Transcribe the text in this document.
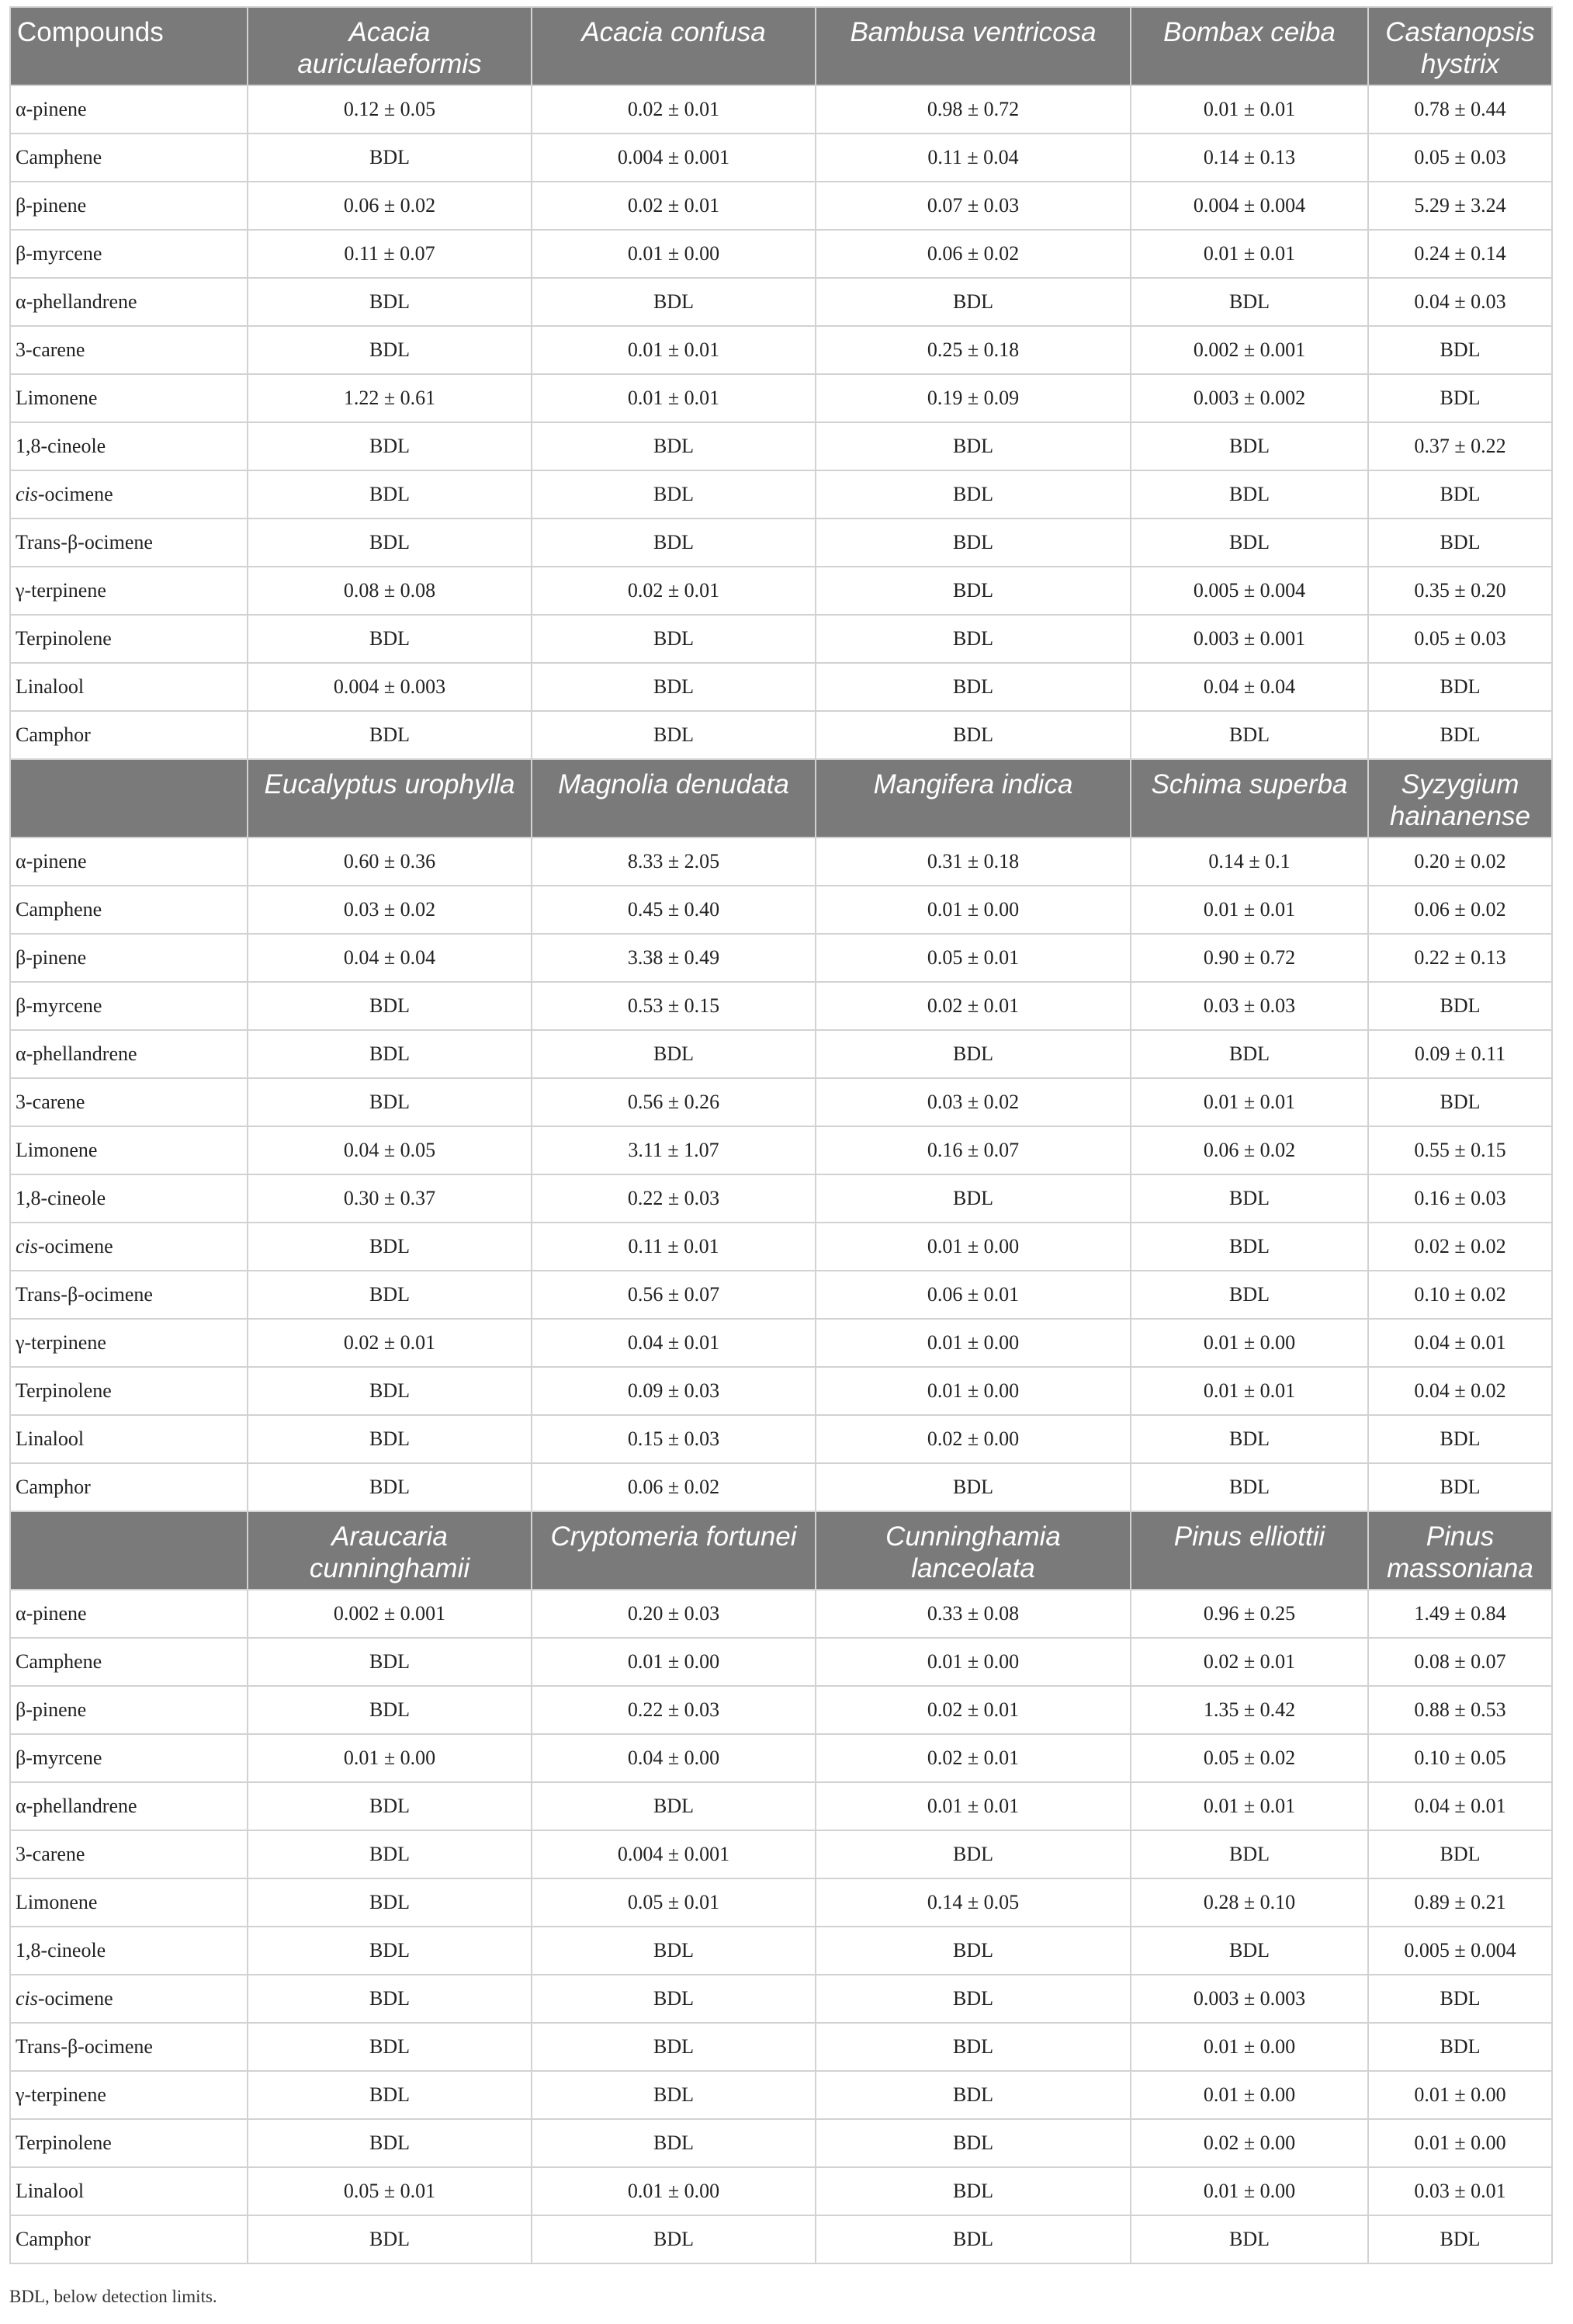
Compounds	Acacia auriculaeformis	Acacia confusa	Bambusa ventricosa	Bombax ceiba	Castanopsis hystrix
α-pinene	0.12 ± 0.05	0.02 ± 0.01	0.98 ± 0.72	0.01 ± 0.01	0.78 ± 0.44
Camphene	BDL	0.004 ± 0.001	0.11 ± 0.04	0.14 ± 0.13	0.05 ± 0.03
β-pinene	0.06 ± 0.02	0.02 ± 0.01	0.07 ± 0.03	0.004 ± 0.004	5.29 ± 3.24
β-myrcene	0.11 ± 0.07	0.01 ± 0.00	0.06 ± 0.02	0.01 ± 0.01	0.24 ± 0.14
α-phellandrene	BDL	BDL	BDL	BDL	0.04 ± 0.03
3-carene	BDL	0.01 ± 0.01	0.25 ± 0.18	0.002 ± 0.001	BDL
Limonene	1.22 ± 0.61	0.01 ± 0.01	0.19 ± 0.09	0.003 ± 0.002	BDL
1,8-cineole	BDL	BDL	BDL	BDL	0.37 ± 0.22
cis-ocimene	BDL	BDL	BDL	BDL	BDL
Trans-β-ocimene	BDL	BDL	BDL	BDL	BDL
γ-terpinene	0.08 ± 0.08	0.02 ± 0.01	BDL	0.005 ± 0.004	0.35 ± 0.20
Terpinolene	BDL	BDL	BDL	0.003 ± 0.001	0.05 ± 0.03
Linalool	0.004 ± 0.003	BDL	BDL	0.04 ± 0.04	BDL
Camphor	BDL	BDL	BDL	BDL	BDL
	Eucalyptus urophylla	Magnolia denudata	Mangifera indica	Schima superba	Syzygium hainanense
α-pinene	0.60 ± 0.36	8.33 ± 2.05	0.31 ± 0.18	0.14 ± 0.1	0.20 ± 0.02
Camphene	0.03 ± 0.02	0.45 ± 0.40	0.01 ± 0.00	0.01 ± 0.01	0.06 ± 0.02
β-pinene	0.04 ± 0.04	3.38 ± 0.49	0.05 ± 0.01	0.90 ± 0.72	0.22 ± 0.13
β-myrcene	BDL	0.53 ± 0.15	0.02 ± 0.01	0.03 ± 0.03	BDL
α-phellandrene	BDL	BDL	BDL	BDL	0.09 ± 0.11
3-carene	BDL	0.56 ± 0.26	0.03 ± 0.02	0.01 ± 0.01	BDL
Limonene	0.04 ± 0.05	3.11 ± 1.07	0.16 ± 0.07	0.06 ± 0.02	0.55 ± 0.15
1,8-cineole	0.30 ± 0.37	0.22 ± 0.03	BDL	BDL	0.16 ± 0.03
cis-ocimene	BDL	0.11 ± 0.01	0.01 ± 0.00	BDL	0.02 ± 0.02
Trans-β-ocimene	BDL	0.56 ± 0.07	0.06 ± 0.01	BDL	0.10 ± 0.02
γ-terpinene	0.02 ± 0.01	0.04 ± 0.01	0.01 ± 0.00	0.01 ± 0.00	0.04 ± 0.01
Terpinolene	BDL	0.09 ± 0.03	0.01 ± 0.00	0.01 ± 0.01	0.04 ± 0.02
Linalool	BDL	0.15 ± 0.03	0.02 ± 0.00	BDL	BDL
Camphor	BDL	0.06 ± 0.02	BDL	BDL	BDL
	Araucaria cunninghamii	Cryptomeria fortunei	Cunninghamia lanceolata	Pinus elliottii	Pinus massoniana
α-pinene	0.002 ± 0.001	0.20 ± 0.03	0.33 ± 0.08	0.96 ± 0.25	1.49 ± 0.84
Camphene	BDL	0.01 ± 0.00	0.01 ± 0.00	0.02 ± 0.01	0.08 ± 0.07
β-pinene	BDL	0.22 ± 0.03	0.02 ± 0.01	1.35 ± 0.42	0.88 ± 0.53
β-myrcene	0.01 ± 0.00	0.04 ± 0.00	0.02 ± 0.01	0.05 ± 0.02	0.10 ± 0.05
α-phellandrene	BDL	BDL	0.01 ± 0.01	0.01 ± 0.01	0.04 ± 0.01
3-carene	BDL	0.004 ± 0.001	BDL	BDL	BDL
Limonene	BDL	0.05 ± 0.01	0.14 ± 0.05	0.28 ± 0.10	0.89 ± 0.21
1,8-cineole	BDL	BDL	BDL	BDL	0.005 ± 0.004
cis-ocimene	BDL	BDL	BDL	0.003 ± 0.003	BDL
Trans-β-ocimene	BDL	BDL	BDL	0.01 ± 0.00	BDL
γ-terpinene	BDL	BDL	BDL	0.01 ± 0.00	0.01 ± 0.00
Terpinolene	BDL	BDL	BDL	0.02 ± 0.00	0.01 ± 0.00
Linalool	0.05 ± 0.01	0.01 ± 0.00	BDL	0.01 ± 0.00	0.03 ± 0.01
Camphor	BDL	BDL	BDL	BDL	BDL
BDL, below detection limits.
